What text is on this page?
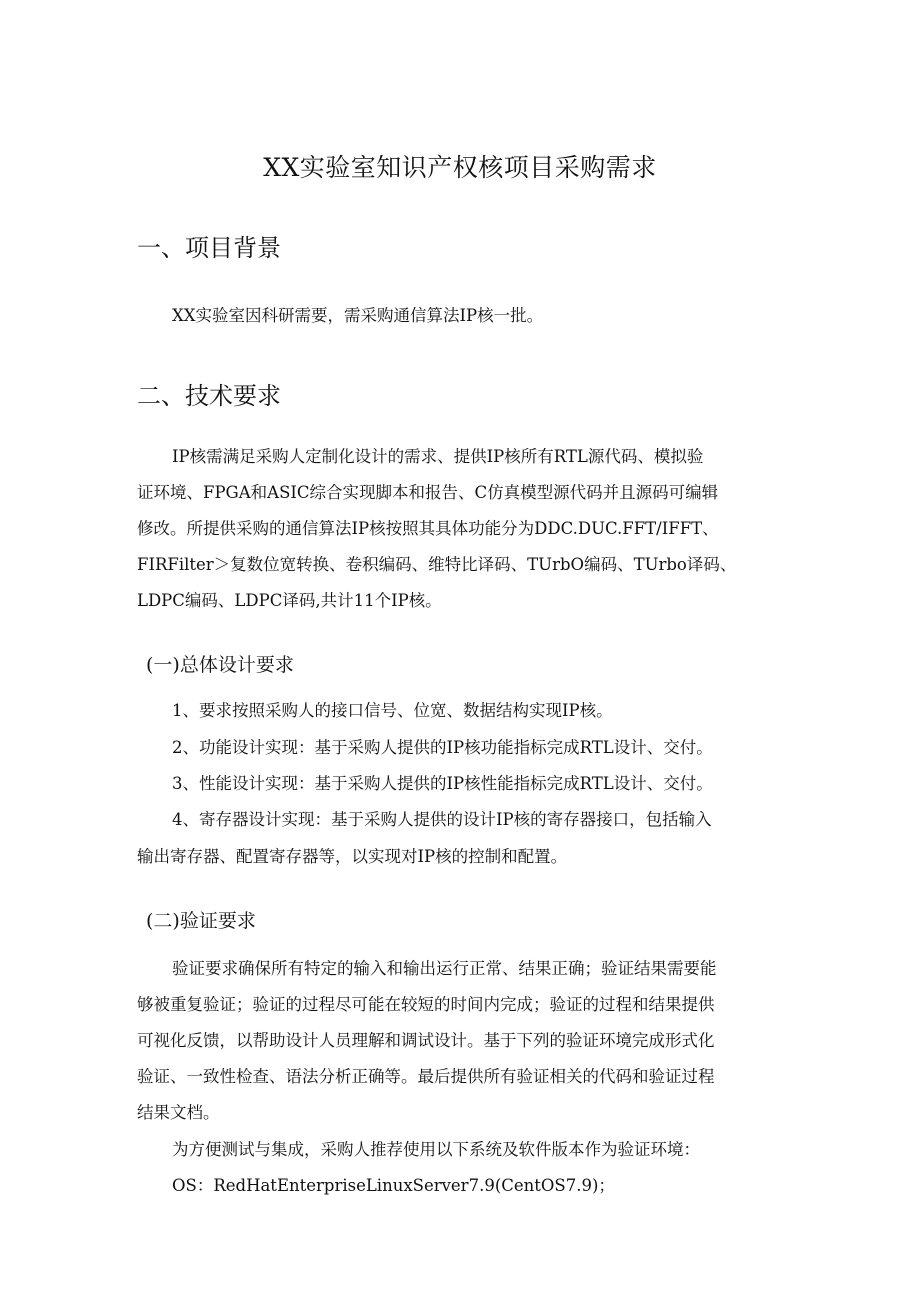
XX实验室知识产权核项目采购需求
一、项目背景
XX实验室因科研需要，需采购通信算法IP核一批。
二、技术要求
IP核需满足采购人定制化设计的需求、提供IP核所有RTL源代码、模拟验
证环境、FPGA和ASIC综合实现脚本和报告、C仿真模型源代码并且源码可编辑
修改。所提供采购的通信算法IP核按照其具体功能分为DDC.DUC.FFT/IFFT、
FIRFilter＞复数位宽转换、卷积编码、维特比译码、TUrbO编码、TUrbo译码、
LDPC编码、LDPC译码,共计11个IP核。
(一)总体设计要求
1、要求按照采购人的接口信号、位宽、数据结构实现IP核。
2、功能设计实现：基于采购人提供的IP核功能指标完成RTL设计、交付。
3、性能设计实现：基于采购人提供的IP核性能指标完成RTL设计、交付。
4、寄存器设计实现：基于采购人提供的设计IP核的寄存器接口，包括输入
输出寄存器、配置寄存器等，以实现对IP核的控制和配置。
(二)验证要求
验证要求确保所有特定的输入和输出运行正常、结果正确；验证结果需要能
够被重复验证；验证的过程尽可能在较短的时间内完成；验证的过程和结果提供
可视化反馈，以帮助设计人员理解和调试设计。基于下列的验证环境完成形式化
验证、一致性检查、语法分析正确等。最后提供所有验证相关的代码和验证过程
结果文档。
为方便测试与集成，采购人推荐使用以下系统及软件版本作为验证环境：
OS：RedHatEnterpriseLinuxServer7.9(CentOS7.9)；
